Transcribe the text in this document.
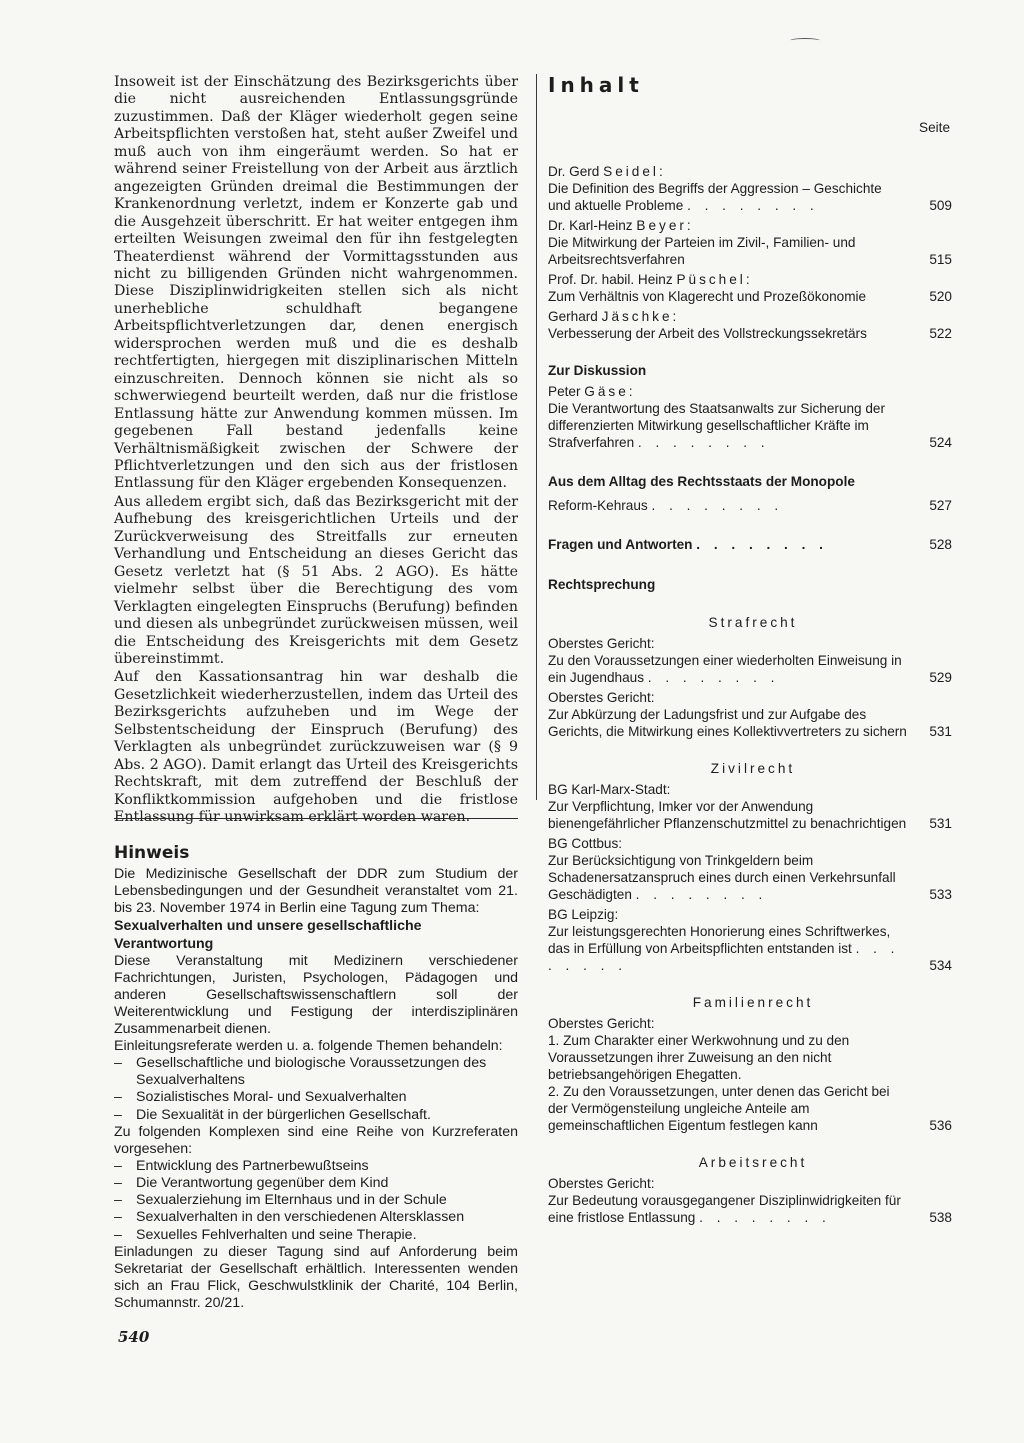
Insoweit ist der Einschätzung des Bezirksgerichts über die nicht ausreichenden Entlassungsgründe zuzustimmen. Daß der Kläger wiederholt gegen seine Arbeitspflichten verstoßen hat, steht außer Zweifel und muß auch von ihm eingeräumt werden. So hat er während seiner Freistellung von der Arbeit aus ärztlich angezeigten Gründen dreimal die Bestimmungen der Krankenordnung verletzt, indem er Konzerte gab und die Ausgehzeit überschritt. Er hat weiter entgegen ihm erteilten Weisungen zweimal den für ihn festgelegten Theaterdienst während der Vormittagsstunden aus nicht zu billigenden Gründen nicht wahrgenommen. Diese Disziplinwidrigkeiten stellen sich als nicht unerhebliche schuldhaft begangene Arbeitspflichtverletzungen dar, denen energisch widersprochen werden muß und die es deshalb rechtfertigten, hiergegen mit disziplinarischen Mitteln einzuschreiten. Dennoch können sie nicht als so schwerwiegend beurteilt werden, daß nur die fristlose Entlassung hätte zur Anwendung kommen müssen. Im gegebenen Fall bestand jedenfalls keine Verhältnismäßigkeit zwischen der Schwere der Pflichtverletzungen und den sich aus der fristlosen Entlassung für den Kläger ergebenden Konsequenzen.

Aus alledem ergibt sich, daß das Bezirksgericht mit der Aufhebung des kreisgerichtlichen Urteils und der Zurückverweisung des Streitfalls zur erneuten Verhandlung und Entscheidung an dieses Gericht das Gesetz verletzt hat (§ 51 Abs. 2 AGO). Es hätte vielmehr selbst über die Berechtigung des vom Verklagten eingelegten Einspruchs (Berufung) befinden und diesen als unbegründet zurückweisen müssen, weil die Entscheidung des Kreisgerichts mit dem Gesetz übereinstimmt.

Auf den Kassationsantrag hin war deshalb die Gesetzlichkeit wiederherzustellen, indem das Urteil des Bezirksgerichts aufzuheben und im Wege der Selbstentscheidung der Einspruch (Berufung) des Verklagten als unbegründet zurückzuweisen war (§ 9 Abs. 2 AGO). Damit erlangt das Urteil des Kreisgerichts Rechtskraft, mit dem zutreffend der Beschluß der Konfliktkommission aufgehoben und die fristlose Entlassung für unwirksam erklärt worden waren.

Hinweis

Die Medizinische Gesellschaft der DDR zum Studium der Lebensbedingungen und der Gesundheit veranstaltet vom 21. bis 23. November 1974 in Berlin eine Tagung zum Thema:

Sexualverhalten und unsere gesellschaftliche Verantwortung

Diese Veranstaltung mit Medizinern verschiedener Fachrichtungen, Juristen, Psychologen, Pädagogen und anderen Gesellschaftswissenschaftlern soll der Weiterentwicklung und Festigung der interdisziplinären Zusammenarbeit dienen.

Einleitungsreferate werden u. a. folgende Themen behandeln:

– Gesellschaftliche und biologische Voraussetzungen des Sexualverhaltens
– Sozialistisches Moral- und Sexualverhalten
– Die Sexualität in der bürgerlichen Gesellschaft.

Zu folgenden Komplexen sind eine Reihe von Kurzreferaten vorgesehen:

– Entwicklung des Partnerbewußtseins
– Die Verantwortung gegenüber dem Kind
– Sexualerziehung im Elternhaus und in der Schule
– Sexualverhalten in den verschiedenen Altersklassen
– Sexuelles Fehlverhalten und seine Therapie.

Einladungen zu dieser Tagung sind auf Anforderung beim Sekretariat der Gesellschaft erhältlich. Interessenten wenden sich an Frau Flick, Geschwulstklinik der Charité, 104 Berlin, Schumannstr. 20/21.

540
Inhalt
Seite
Dr. Gerd Seidel:
Die Definition des Begriffs der Aggression – Geschichte und aktuelle Probleme . . . . . . . .	509
Dr. Karl-Heinz Beyer:
Die Mitwirkung der Parteien im Zivil-, Familien- und Arbeitsrechtsverfahren	515
Prof. Dr. habil. Heinz Püschel:
Zum Verhältnis von Klagerecht und Prozeßökonomie	520
Gerhard Jäschke:
Verbesserung der Arbeit des Vollstreckungssekretärs	522
Zur Diskussion
Peter Gäse:
Die Verantwortung des Staatsanwalts zur Sicherung der differenzierten Mitwirkung gesellschaftlicher Kräfte im Strafverfahren . . . . . . . .	524
Aus dem Alltag des Rechtsstaats der Monopole
Reform-Kehraus . . . . . . . .	527
Fragen und Antworten . . . . . . . .	528
Rechtsprechung
Strafrecht
Oberstes Gericht:
Zu den Voraussetzungen einer wiederholten Einweisung in ein Jugendhaus . . . . . . . .	529
Oberstes Gericht:
Zur Abkürzung der Ladungsfrist und zur Aufgabe des Gerichts, die Mitwirkung eines Kollektivvertreters zu sichern 531
Zivilrecht
BG Karl-Marx-Stadt:
Zur Verpflichtung, Imker vor der Anwendung bienengefährlicher Pflanzenschutzmittel zu benachrichtigen 531
BG Cottbus:
Zur Berücksichtigung von Trinkgeldern beim Schadenersatzanspruch eines durch einen Verkehrsunfall Geschädigten . . . . . . . .	533
BG Leipzig:
Zur leistungsgerechten Honorierung eines Schriftwerkes, das in Erfüllung von Arbeitspflichten entstanden ist . . . . . . . .	534
Familienrecht
Oberstes Gericht:
1. Zum Charakter einer Werkwohnung und zu den Voraussetzungen ihrer Zuweisung an den nicht betriebsangehörigen Ehegatten.
2. Zu den Voraussetzungen, unter denen das Gericht bei der Vermögensteilung ungleiche Anteile am gemeinschaftlichen Eigentum festlegen kann	536
Arbeitsrecht
Oberstes Gericht:
Zur Bedeutung vorausgegangener Disziplinwidrigkeiten für eine fristlose Entlassung . . . . . . . .	538
